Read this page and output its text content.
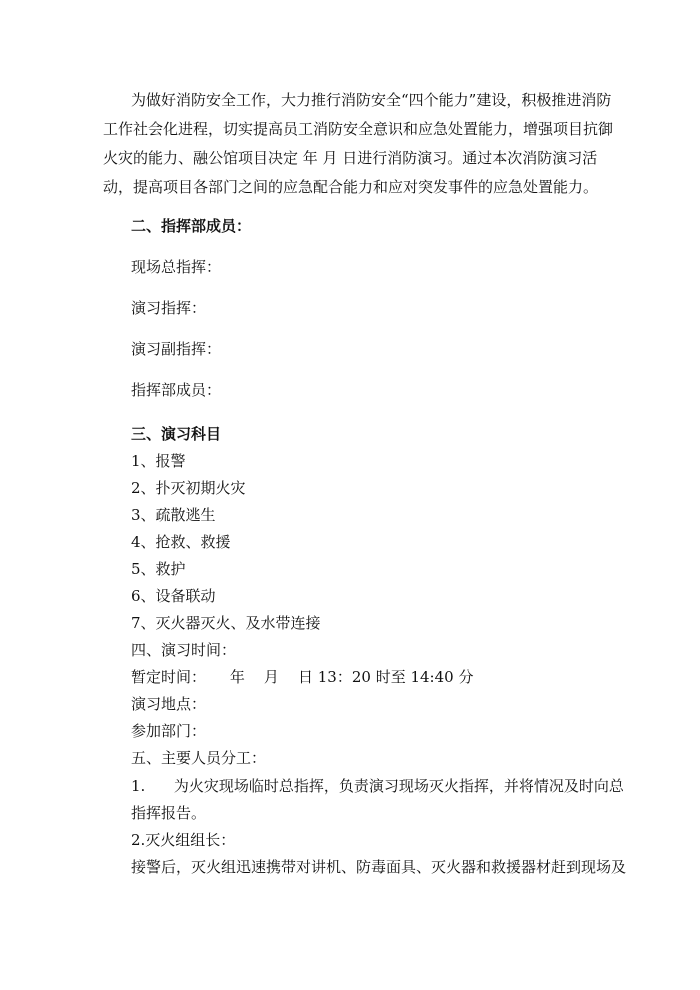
为做好消防安全工作，大力推行消防安全“四个能力”建设，积极推进消防
工作社会化进程，切实提高员工消防安全意识和应急处置能力，增强项目抗御
火灾的能力、融公馆项目决定 年 月 日进行消防演习。通过本次消防演习活
动，提高项目各部门之间的应急配合能力和应对突发事件的应急处置能力。
二、指挥部成员：
现场总指挥：
演习指挥：
演习副指挥：
指挥部成员：
三、演习科目
1、报警
2、扑灭初期火灾
3、疏散逃生
4、抢救、救援
5、救护
6、设备联动
7、灭火器灭火、及水带连接
四、演习时间：
暂定时间：     年    月    日 13：20 时至 14:40 分
演习地点：
参加部门：
五、主要人员分工：
1.      为火灾现场临时总指挥，负责演习现场灭火指挥，并将情况及时向总
指挥报告。
2.灭火组组长：
接警后，灭火组迅速携带对讲机、防毒面具、灭火器和救援器材赶到现场及
